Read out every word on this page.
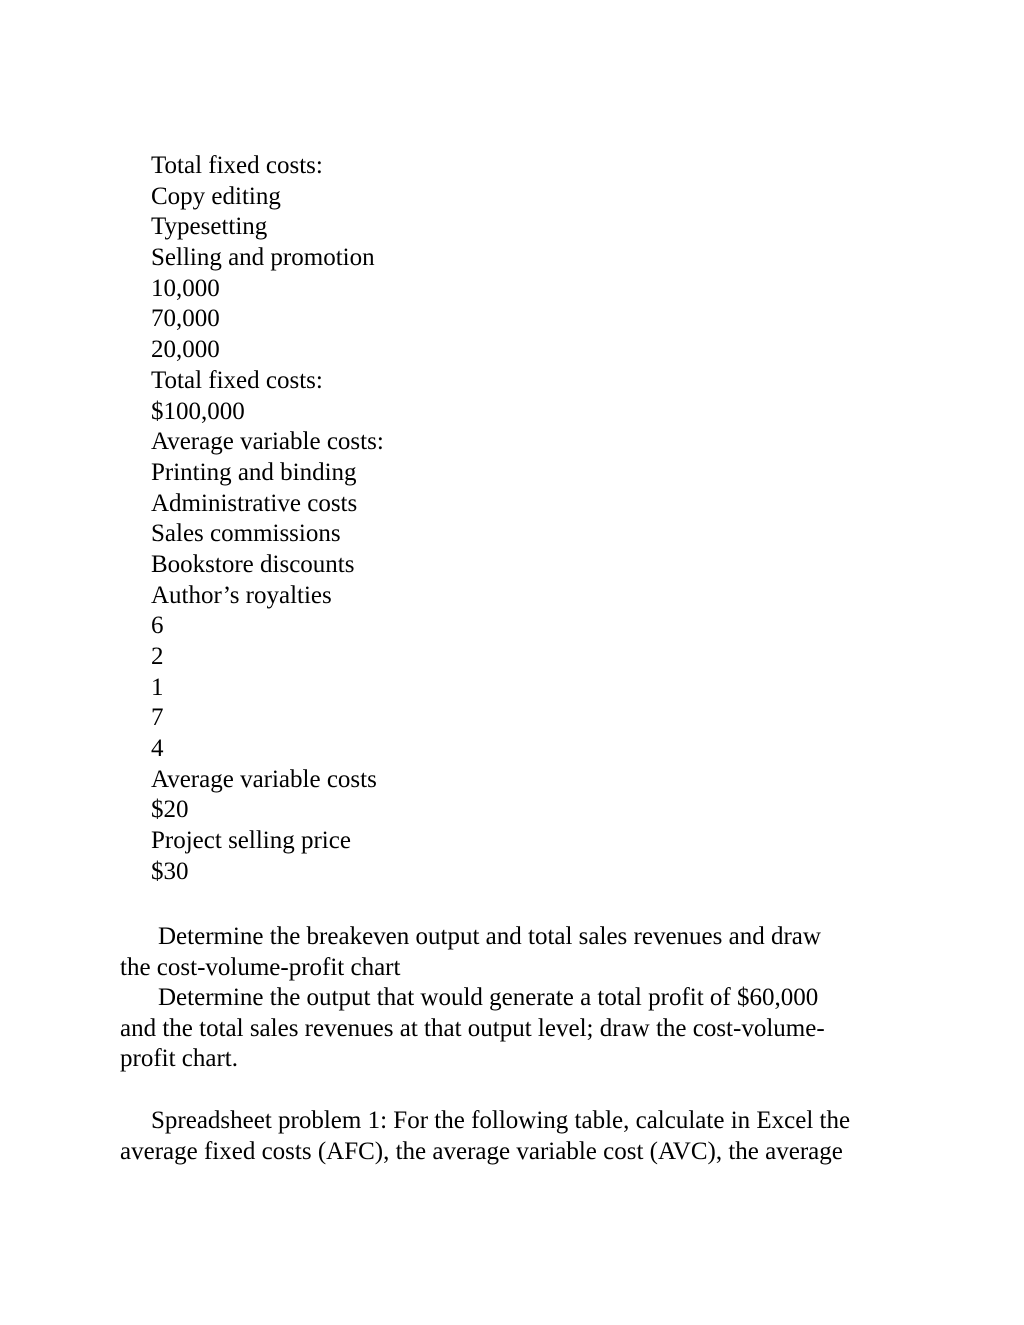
Total fixed costs:
Copy editing
Typesetting
Selling and promotion
10,000
70,000
20,000
Total fixed costs:
$100,000
Average variable costs:
Printing and binding
Administrative costs
Sales commissions
Bookstore discounts
Author’s royalties
6
2
1
7
4
Average variable costs
$20
Project selling price
$30

Determine the breakeven output and total sales revenues and draw
the cost-volume-profit chart

Determine the output that would generate a total profit of $60,000
and the total sales revenues at that output level; draw the cost-volume-
profit chart.

Spreadsheet problem 1: For the following table, calculate in Excel the
average fixed costs (AFC), the average variable cost (AVC), the average
